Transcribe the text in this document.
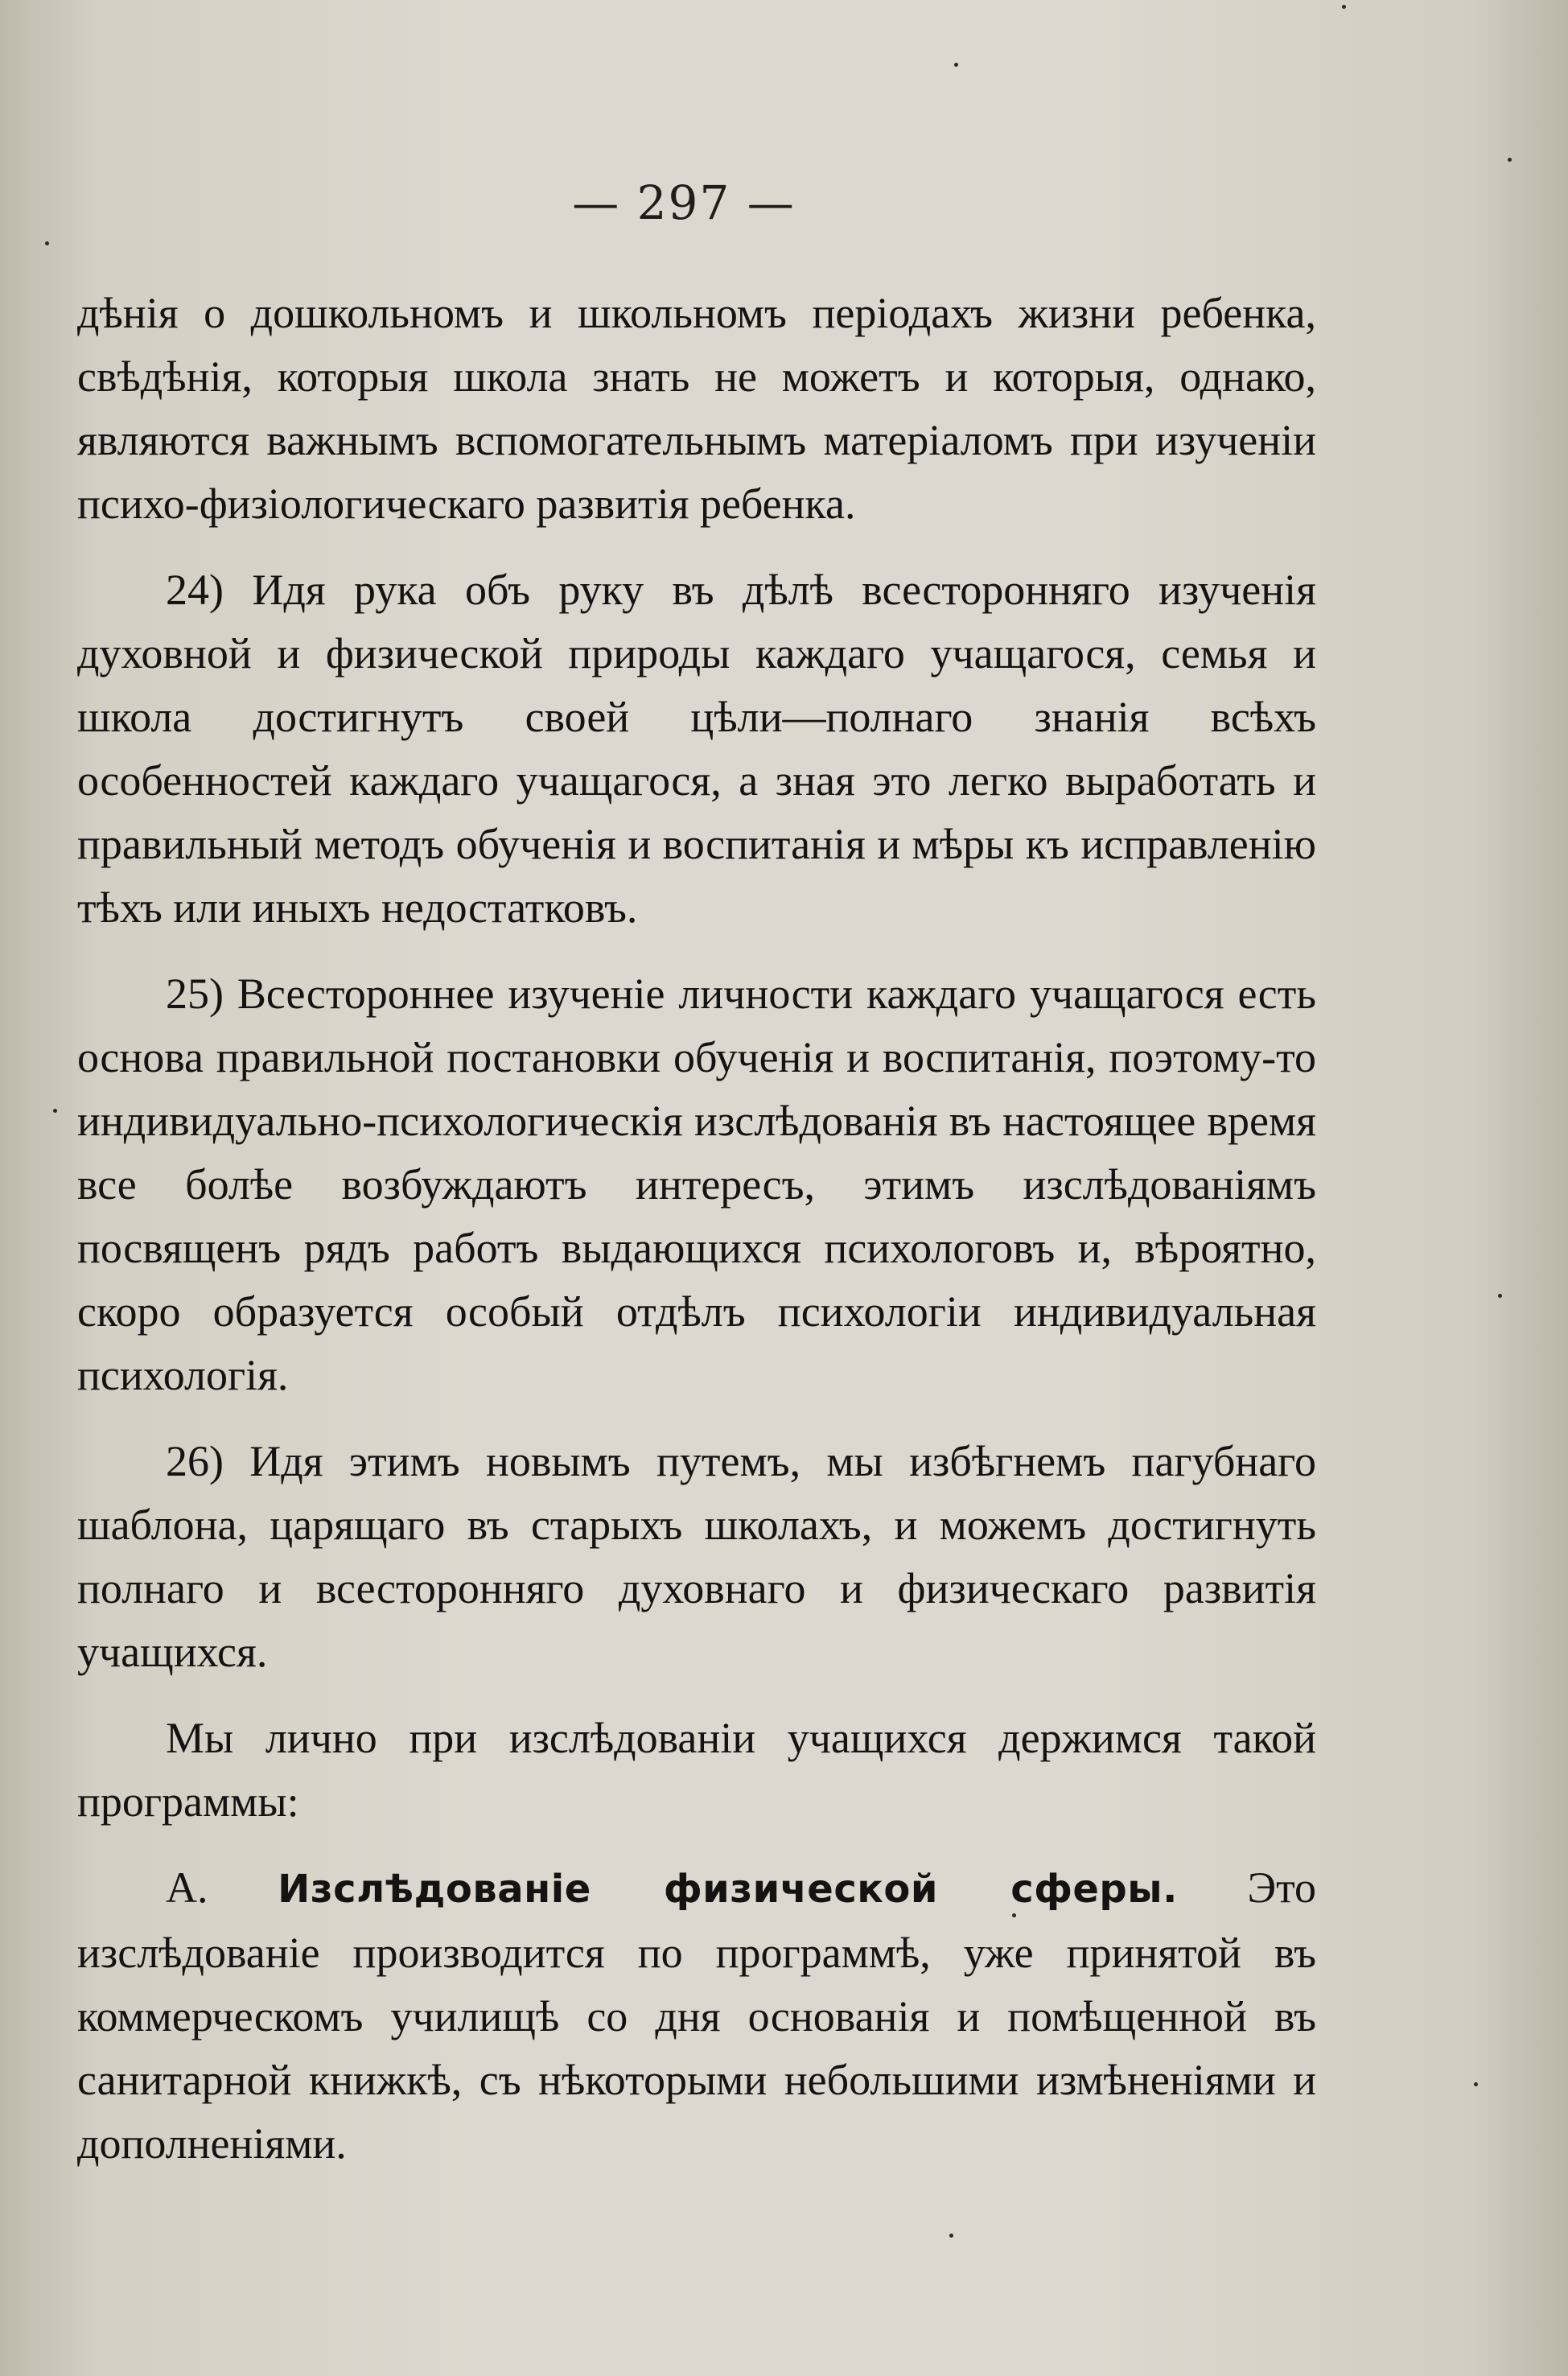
— 297 —

дѣнія о дошкольномъ и школьномъ періодахъ жизни ребенка, свѣдѣнія, которыя школа знать не можетъ и которыя, однако, являются важнымъ вспомогательнымъ матеріаломъ при изученіи психо-физіологическаго развитія ребенка.

24) Идя рука объ руку въ дѣлѣ всесторонняго изученія духовной и физической природы каждаго учащагося, семья и школа достигнутъ своей цѣли—полнаго знанія всѣхъ особенностей каждаго учащагося, а зная это легко выработать и правильный методъ обученія и воспитанія и мѣры къ исправленію тѣхъ или иныхъ недостатковъ.

25) Всестороннее изученіе личности каждаго учащагося есть основа правильной постановки обученія и воспитанія, поэтому-то индивидуально-психологическія изслѣдованія въ настоящее время все болѣе возбуждаютъ интересъ, этимъ изслѣдованіямъ посвященъ рядъ работъ выдающихся психологовъ и, вѣроятно, скоро образуется особый отдѣлъ психологіи индивидуальная психологія.

26) Идя этимъ новымъ путемъ, мы избѣгнемъ пагубнаго шаблона, царящаго въ старыхъ школахъ, и можемъ достигнуть полнаго и всесторонняго духовнаго и физическаго развитія учащихся.

Мы лично при изслѣдованіи учащихся держимся такой программы:

А. Изслѣдованіе физической сферы. Это изслѣдованіе производится по программѣ, уже принятой въ коммерческомъ училищѣ со дня основанія и помѣщенной въ санитарной книжкѣ, съ нѣкоторыми небольшими измѣненіями и дополненіями.
